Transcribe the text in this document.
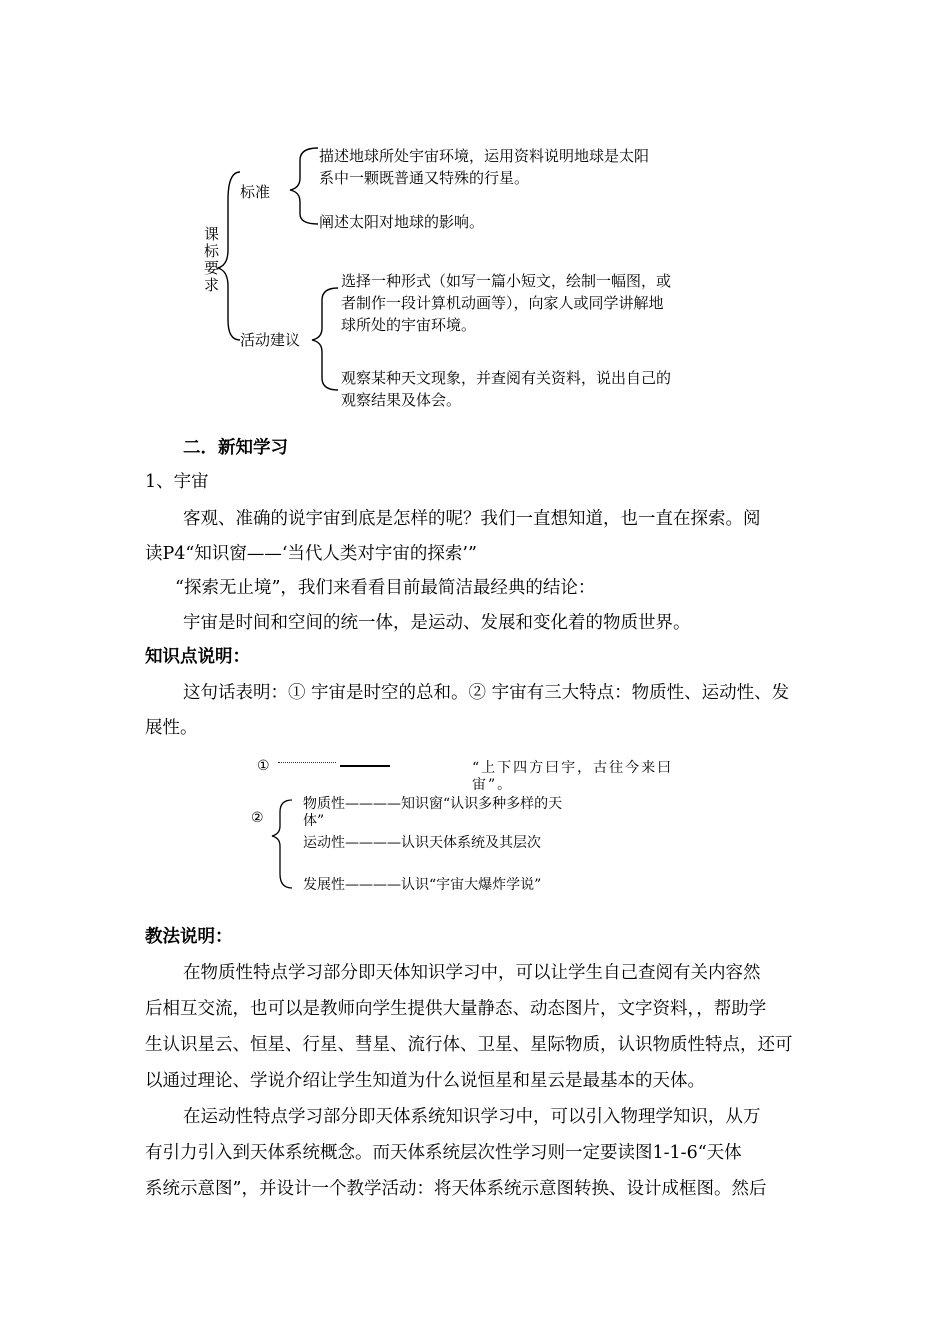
课标要求
标准
描述地球所处宇宙环境，运用资料说明地球是太阳
系中一颗既普通又特殊的行星。
阐述太阳对地球的影响。
活动建议
选择一种形式（如写一篇小短文，绘制一幅图，或
者制作一段计算机动画等），向家人或同学讲解地
球所处的宇宙环境。
观察某种天文现象，并查阅有关资料，说出自己的
观察结果及体会。
二．新知学习
1、宇宙
客观、准确的说宇宙到底是怎样的呢？我们一直想知道，也一直在探索。阅
读P4“知识窗——‘当代人类对宇宙的探索’”
“探索无止境”，我们来看看目前最简洁最经典的结论：
宇宙是时间和空间的统一体，是运动、发展和变化着的物质世界。
知识点说明：
这句话表明：① 宇宙是时空的总和。② 宇宙有三大特点：物质性、运动性、发
展性。
①	“上下四方曰宇，古往今来曰
宙”。
②
物质性————知识窗“认识多种多样的天
体”
运动性————认识天体系统及其层次
发展性————认识“宇宙大爆炸学说”
教法说明：
在物质性特点学习部分即天体知识学习中，可以让学生自己查阅有关内容然
后相互交流，也可以是教师向学生提供大量静态、动态图片，文字资料，，帮助学
生认识星云、恒星、行星、彗星、流行体、卫星、星际物质，认识物质性特点，还可
以通过理论、学说介绍让学生知道为什么说恒星和星云是最基本的天体。
在运动性特点学习部分即天体系统知识学习中，可以引入物理学知识，从万
有引力引入到天体系统概念。而天体系统层次性学习则一定要读图1-1-6“天体
系统示意图”，并设计一个教学活动：将天体系统示意图转换、设计成框图。然后
